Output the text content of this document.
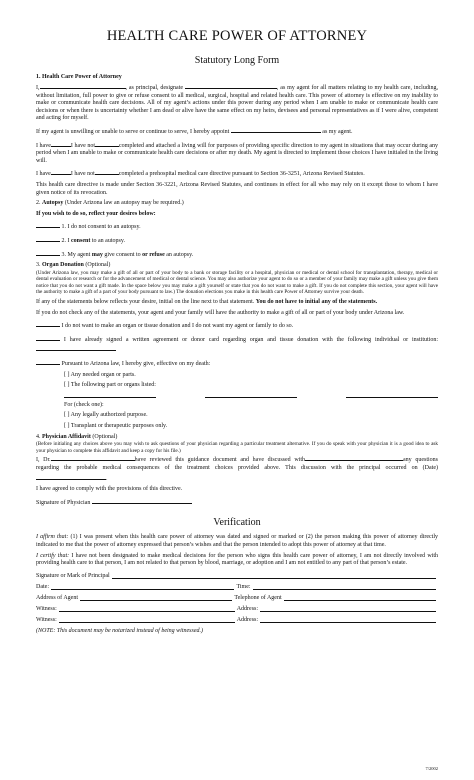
HEALTH CARE POWER OF ATTORNEY
Statutory Long Form
1. Health Care Power of Attorney

I,	, as principal, designate	, as my agent for all matters relating to my health care, including, without limitation, full power to give or refuse consent to all medical, surgical, hospital and related health care. This power of attorney is effective on my inability to make or communicate health care decisions. All of my agent’s actions under this power during any period when I am unable to make or communicate health care decisions or when there is uncertainty whether I am dead or alive have the same effect on my heirs, devisees and personal representatives as if I were alive, competent and acting for myself.

If my agent is unwilling or unable to serve or continue to serve, I hereby appoint	as my agent.

I have	I have not	completed and attached a living will for purposes of providing specific direction to my agent in situations that may occur during any period when I am unable to make or communicate health care decisions or after my death. My agent is directed to implement those choices I have initialed in the living will.

I have	I have not	completed a prehospital medical care directive pursuant to Section 36-3251, Arizona Revised Statutes.

This health care directive is made under Section 36-3221, Arizona Revised Statutes, and continues in effect for all who may rely on it except those to whom I have given notice of its revocation.

2. Autopsy (Under Arizona law an autopsy may be required.)

If you wish to do so, reflect your desires below:

1. I do not consent to an autopsy.

2. I consent to an autopsy.

3. My agent may give consent to or refuse an autopsy.

3. Organ Donation (Optional)

(Under Arizona law, you may make a gift of all or part of your body to a bank or storage facility or a hospital, physician or medical or dental school for transplantation, therapy, medical or dental evaluation or research or for the advancement of medical or dental science. You may also authorize your agent to do so or a member of your family may make a gift unless you give them notice that you do not want a gift made. In the space below you may make a gift yourself or state that you do not want to make a gift. If you do not complete this section, your agent will have the authority to make a gift of a part of your body pursuant to law.) The donation elections you make in this health care Power of Attorney survive your death.

If any of the statements below reflects your desire, initial on the line next to that statement. You do not have to initial any of the statements.

If you do not check any of the statements, your agent and your family will have the authority to make a gift of all or part of your body under Arizona law.

I do not want to make an organ or tissue donation and I do not want my agent or family to do so.

I have already signed a written agreement or donor card regarding organ and tissue donation with the following individual or institution:

Pursuant to Arizona law, I hereby give, effective on my death:

[ ] Any needed organ or parts.

[ ] The following part or organs listed:

For (check one):

[ ] Any legally authorized purpose.

[ ] Transplant or therapeutic purposes only.

4. Physician Affidavit (Optional)

(Before initialing any choices above you may wish to ask questions of your physician regarding a particular treatment alternative. If you do speak with your physician it is a good idea to ask your physician to complete this affidavit and keep a copy for his file.)

I, Dr.	have reviewed this guidance document and have discussed with	any questions regarding the probable medical consequences of the treatment choices provided above. This discussion with the principal occurred on (Date).

I have agreed to comply with the provisions of this directive.

Signature of Physician

Verification

I affirm that: (1) I was present when this health care power of attorney was dated and signed or marked or (2) the person making this power of attorney directly indicated to me that the power of attorney expressed that person’s wishes and that the person intended to adopt this power of attorney at that time.

I certify that: I have not been designated to make medical decisions for the person who signs this health care power of attorney, I am not directly involved with providing health care to that person, I am not related to that person by blood, marriage, or adoption and I am not entitled to any part of that person’s estate.

Signature or Mark of Principal
Date:	Time:
Address of Agent	Telephone of Agent
Witness:	Address:
Witness:	Address:

(NOTE: This document may be notarized instead of being witnessed.)

7/2002
